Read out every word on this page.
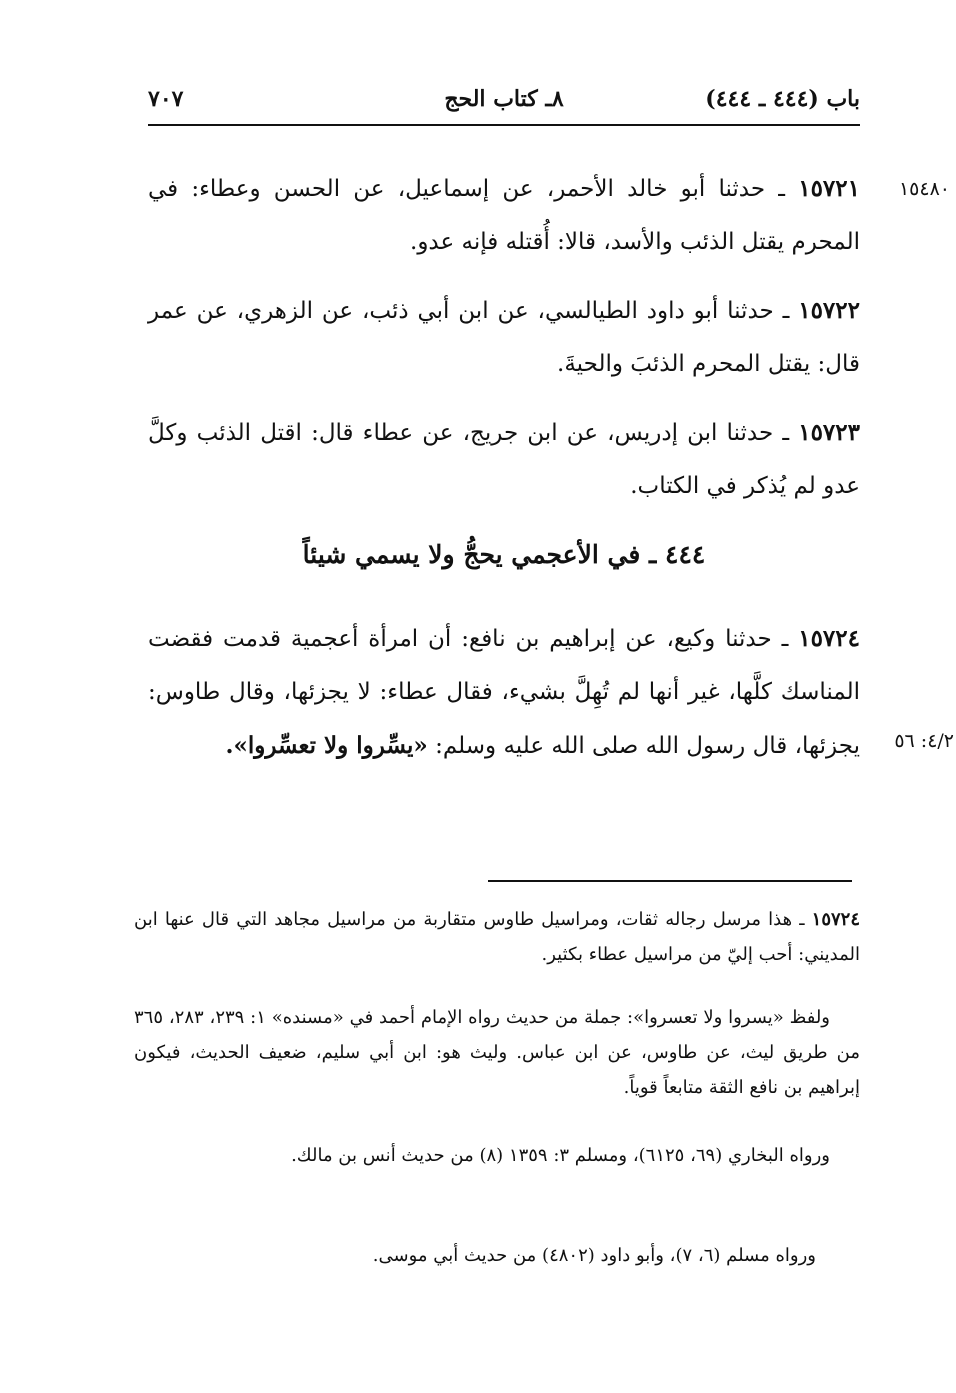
باب (٤٤٤ ـ ٤٤٤)
٨ـ كتاب الحج
٧٠٧
١٥٤٨٠
٤/٢: ٥٦
١٥٧٢١ ـ حدثنا أبو خالد الأحمر، عن إسماعيل، عن الحسن وعطاء: في المحرم يقتل الذئب والأسد، قالا: أُقتله فإنه عدو.
١٥٧٢٢ ـ حدثنا أبو داود الطيالسي، عن ابن أبي ذئب، عن الزهري، عن عمر قال: يقتل المحرم الذئبَ والحيةَ.
١٥٧٢٣ ـ حدثنا ابن إدريس، عن ابن جريج، عن عطاء قال: اقتل الذئب وكلَّ عدو لم يُذكر في الكتاب.
٤٤٤ ـ في الأعجمي يحجُّ ولا يسمي شيئاً
١٥٧٢٤ ـ حدثنا وكيع، عن إبراهيم بن نافع: أن امرأة أعجمية قدمت فقضت المناسك كلَّها، غير أنها لم تُهِلَّ بشيء، فقال عطاء: لا يجزئها، وقال طاوس: يجزئها، قال رسول الله صلى الله عليه وسلم: «يسِّروا ولا تعسِّروا».
١٥٧٢٤ ـ هذا مرسل رجاله ثقات، ومراسيل طاوس متقاربة من مراسيل مجاهد التي قال عنها ابن المديني: أحب إليّ من مراسيل عطاء بكثير.
ولفظ «يسروا ولا تعسروا»: جملة من حديث رواه الإمام أحمد في «مسنده» ١: ٢٣٩، ٢٨٣، ٣٦٥ من طريق ليث، عن طاوس، عن ابن عباس. وليث هو: ابن أبي سليم، ضعيف الحديث، فيكون إبراهيم بن نافع الثقة متابعاً قوياً.
ورواه البخاري (٦٩، ٦١٢٥)، ومسلم ٣: ١٣٥٩ (٨) من حديث أنس بن مالك.
ورواه مسلم (٦، ٧)، وأبو داود (٤٨٠٢) من حديث أبي موسى.
